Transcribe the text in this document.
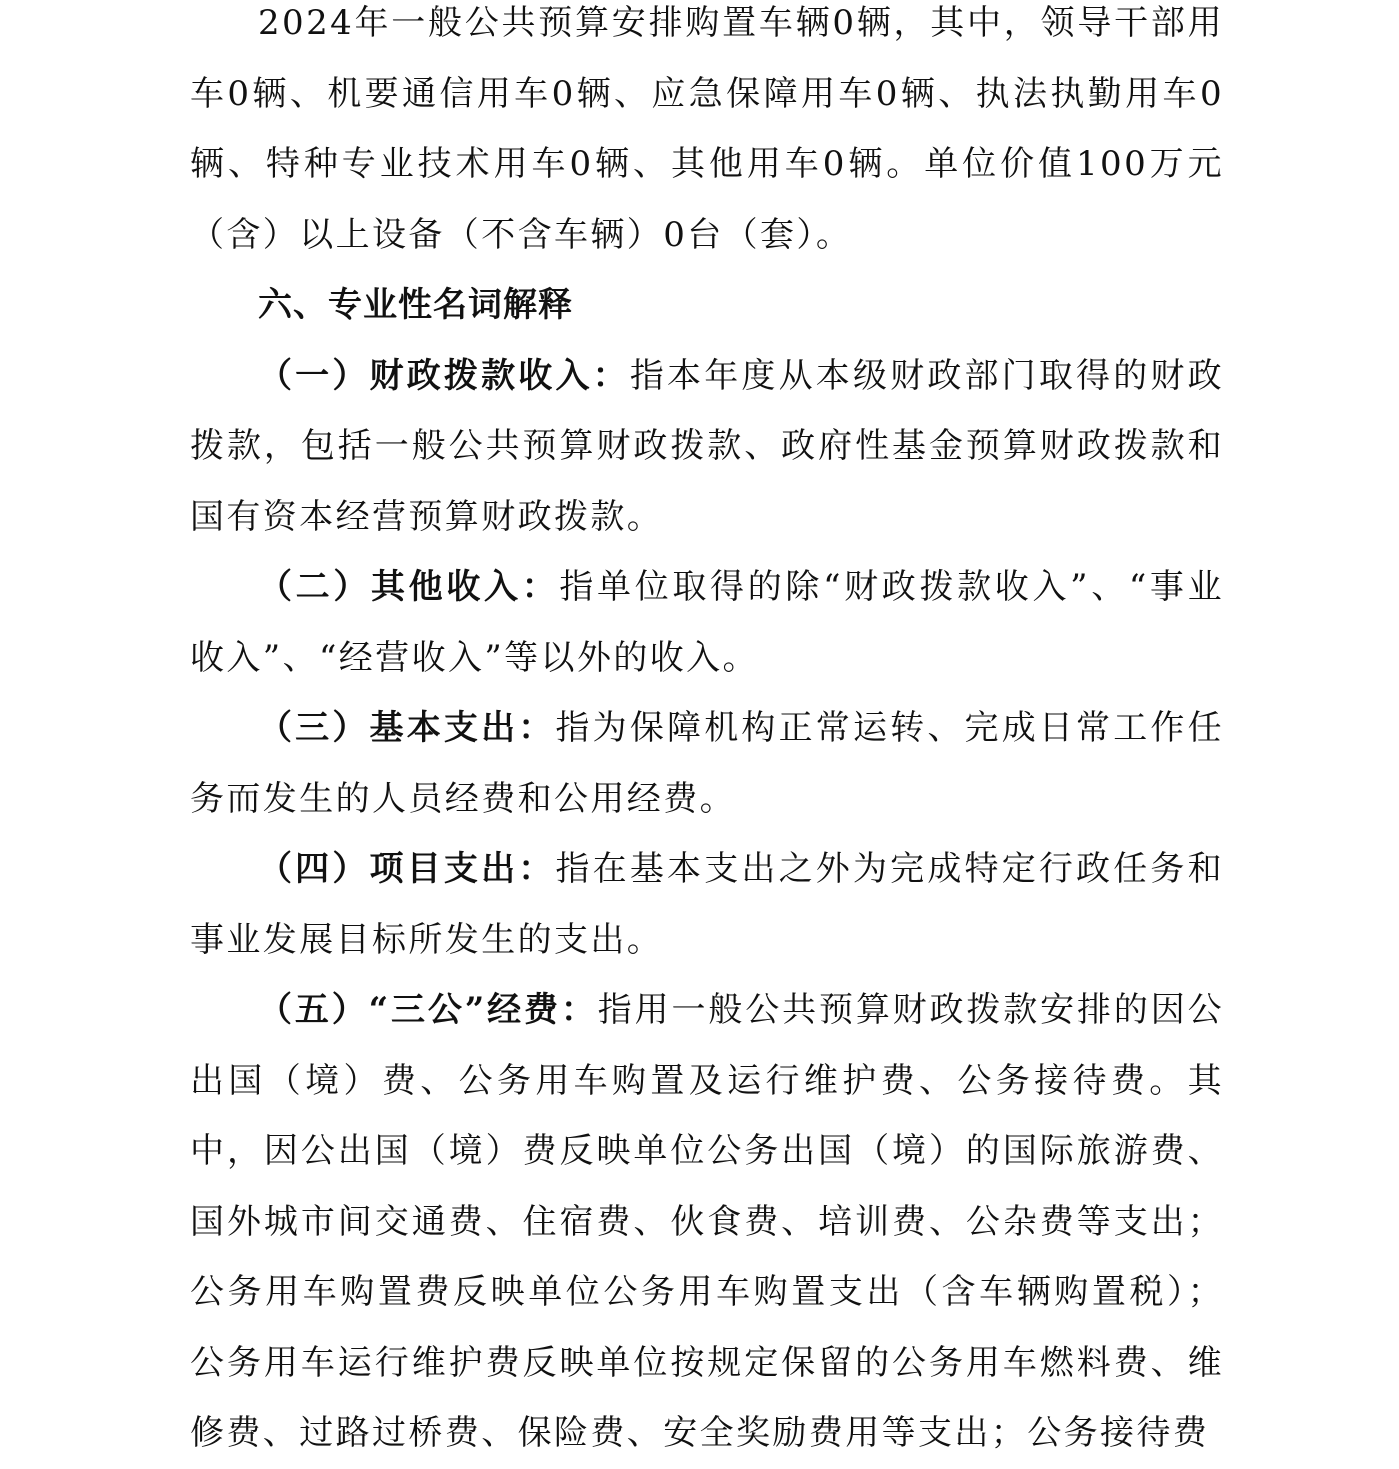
2024年一般公共预算安排购置车辆0辆，其中，领导干部用车0辆、机要通信用车0辆、应急保障用车0辆、执法执勤用车0辆、特种专业技术用车0辆、其他用车0辆。单位价值100万元（含）以上设备（不含车辆）0台（套）。

六、专业性名词解释

（一）财政拨款收入：指本年度从本级财政部门取得的财政拨款，包括一般公共预算财政拨款、政府性基金预算财政拨款和国有资本经营预算财政拨款。

（二）其他收入：指单位取得的除“财政拨款收入”、“事业收入”、“经营收入”等以外的收入。

（三）基本支出：指为保障机构正常运转、完成日常工作任务而发生的人员经费和公用经费。

（四）项目支出：指在基本支出之外为完成特定行政任务和事业发展目标所发生的支出。

（五）“三公”经费：指用一般公共预算财政拨款安排的因公出国（境）费、公务用车购置及运行维护费、公务接待费。其中，因公出国（境）费反映单位公务出国（境）的国际旅游费、国外城市间交通费、住宿费、伙食费、培训费、公杂费等支出；公务用车购置费反映单位公务用车购置支出（含车辆购置税）；公务用车运行维护费反映单位按规定保留的公务用车燃料费、维修费、过路过桥费、保险费、安全奖励费用等支出；公务接待费
